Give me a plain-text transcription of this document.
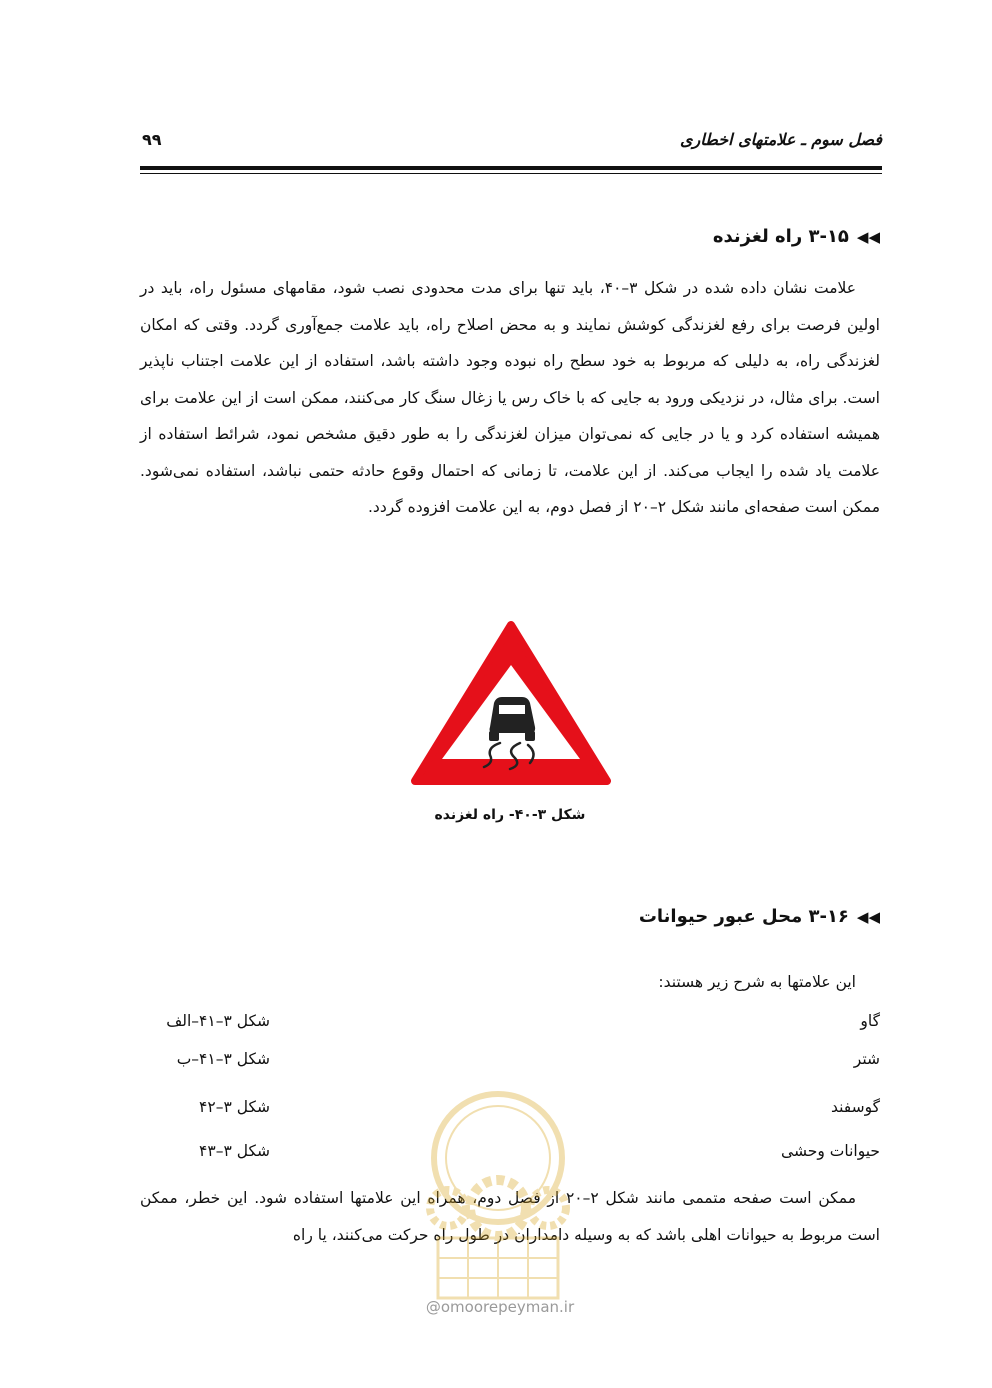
فصل سوم ـ علامتهای اخطاری
۹۹
◀◀۳-۱۵ راه لغزنده

علامت نشان داده شده در شکل ۳–۴۰، باید تنها برای مدت محدودی نصب شود، مقامهای مسئول راه، باید در اولین فرصت برای رفع لغزندگی کوشش نمایند و به محض اصلاح راه، باید علامت جمع‌آوری گردد. وقتی که امکان لغزندگی راه، به دلیلی که مربوط به خود سطح راه نبوده وجود داشته باشد، استفاده از این علامت اجتناب ناپذیر است. برای مثال، در نزدیکی ورود به جایی که با خاک رس یا زغال سنگ کار می‌کنند، ممکن است از این علامت برای همیشه استفاده کرد و یا در جایی که نمی‌توان میزان لغزندگی را به طور دقیق مشخص نمود، شرائط استفاده از علامت یاد شده را ایجاب می‌کند. از این علامت، تا زمانی که احتمال وقوع حادثه حتمی نباشد، استفاده نمی‌شود. ممکن است صفحه‌ای مانند شکل ۲–۲۰ از فصل دوم، به این علامت افزوده گردد.

شکل ۳-۴۰- راه لغزنده
◀◀۳-۱۶ محل عبور حیوانات

این علامتها به شرح زیر هستند:

گاو
شکل ۳–۴۱–الف
شتر
شکل ۳–۴۱–ب
گوسفند
شکل ۳–۴۲
حیوانات وحشی
شکل ۳–۴۳

ممکن است صفحه متممی مانند شکل ۲–۲۰ از فصل دوم، همراه این علامتها استفاده شود. این خطر، ممکن است مربوط به حیوانات اهلی باشد که به وسیله دامداران در طول راه حرکت می‌کنند، یا راه

@omoorepeyman.ir
